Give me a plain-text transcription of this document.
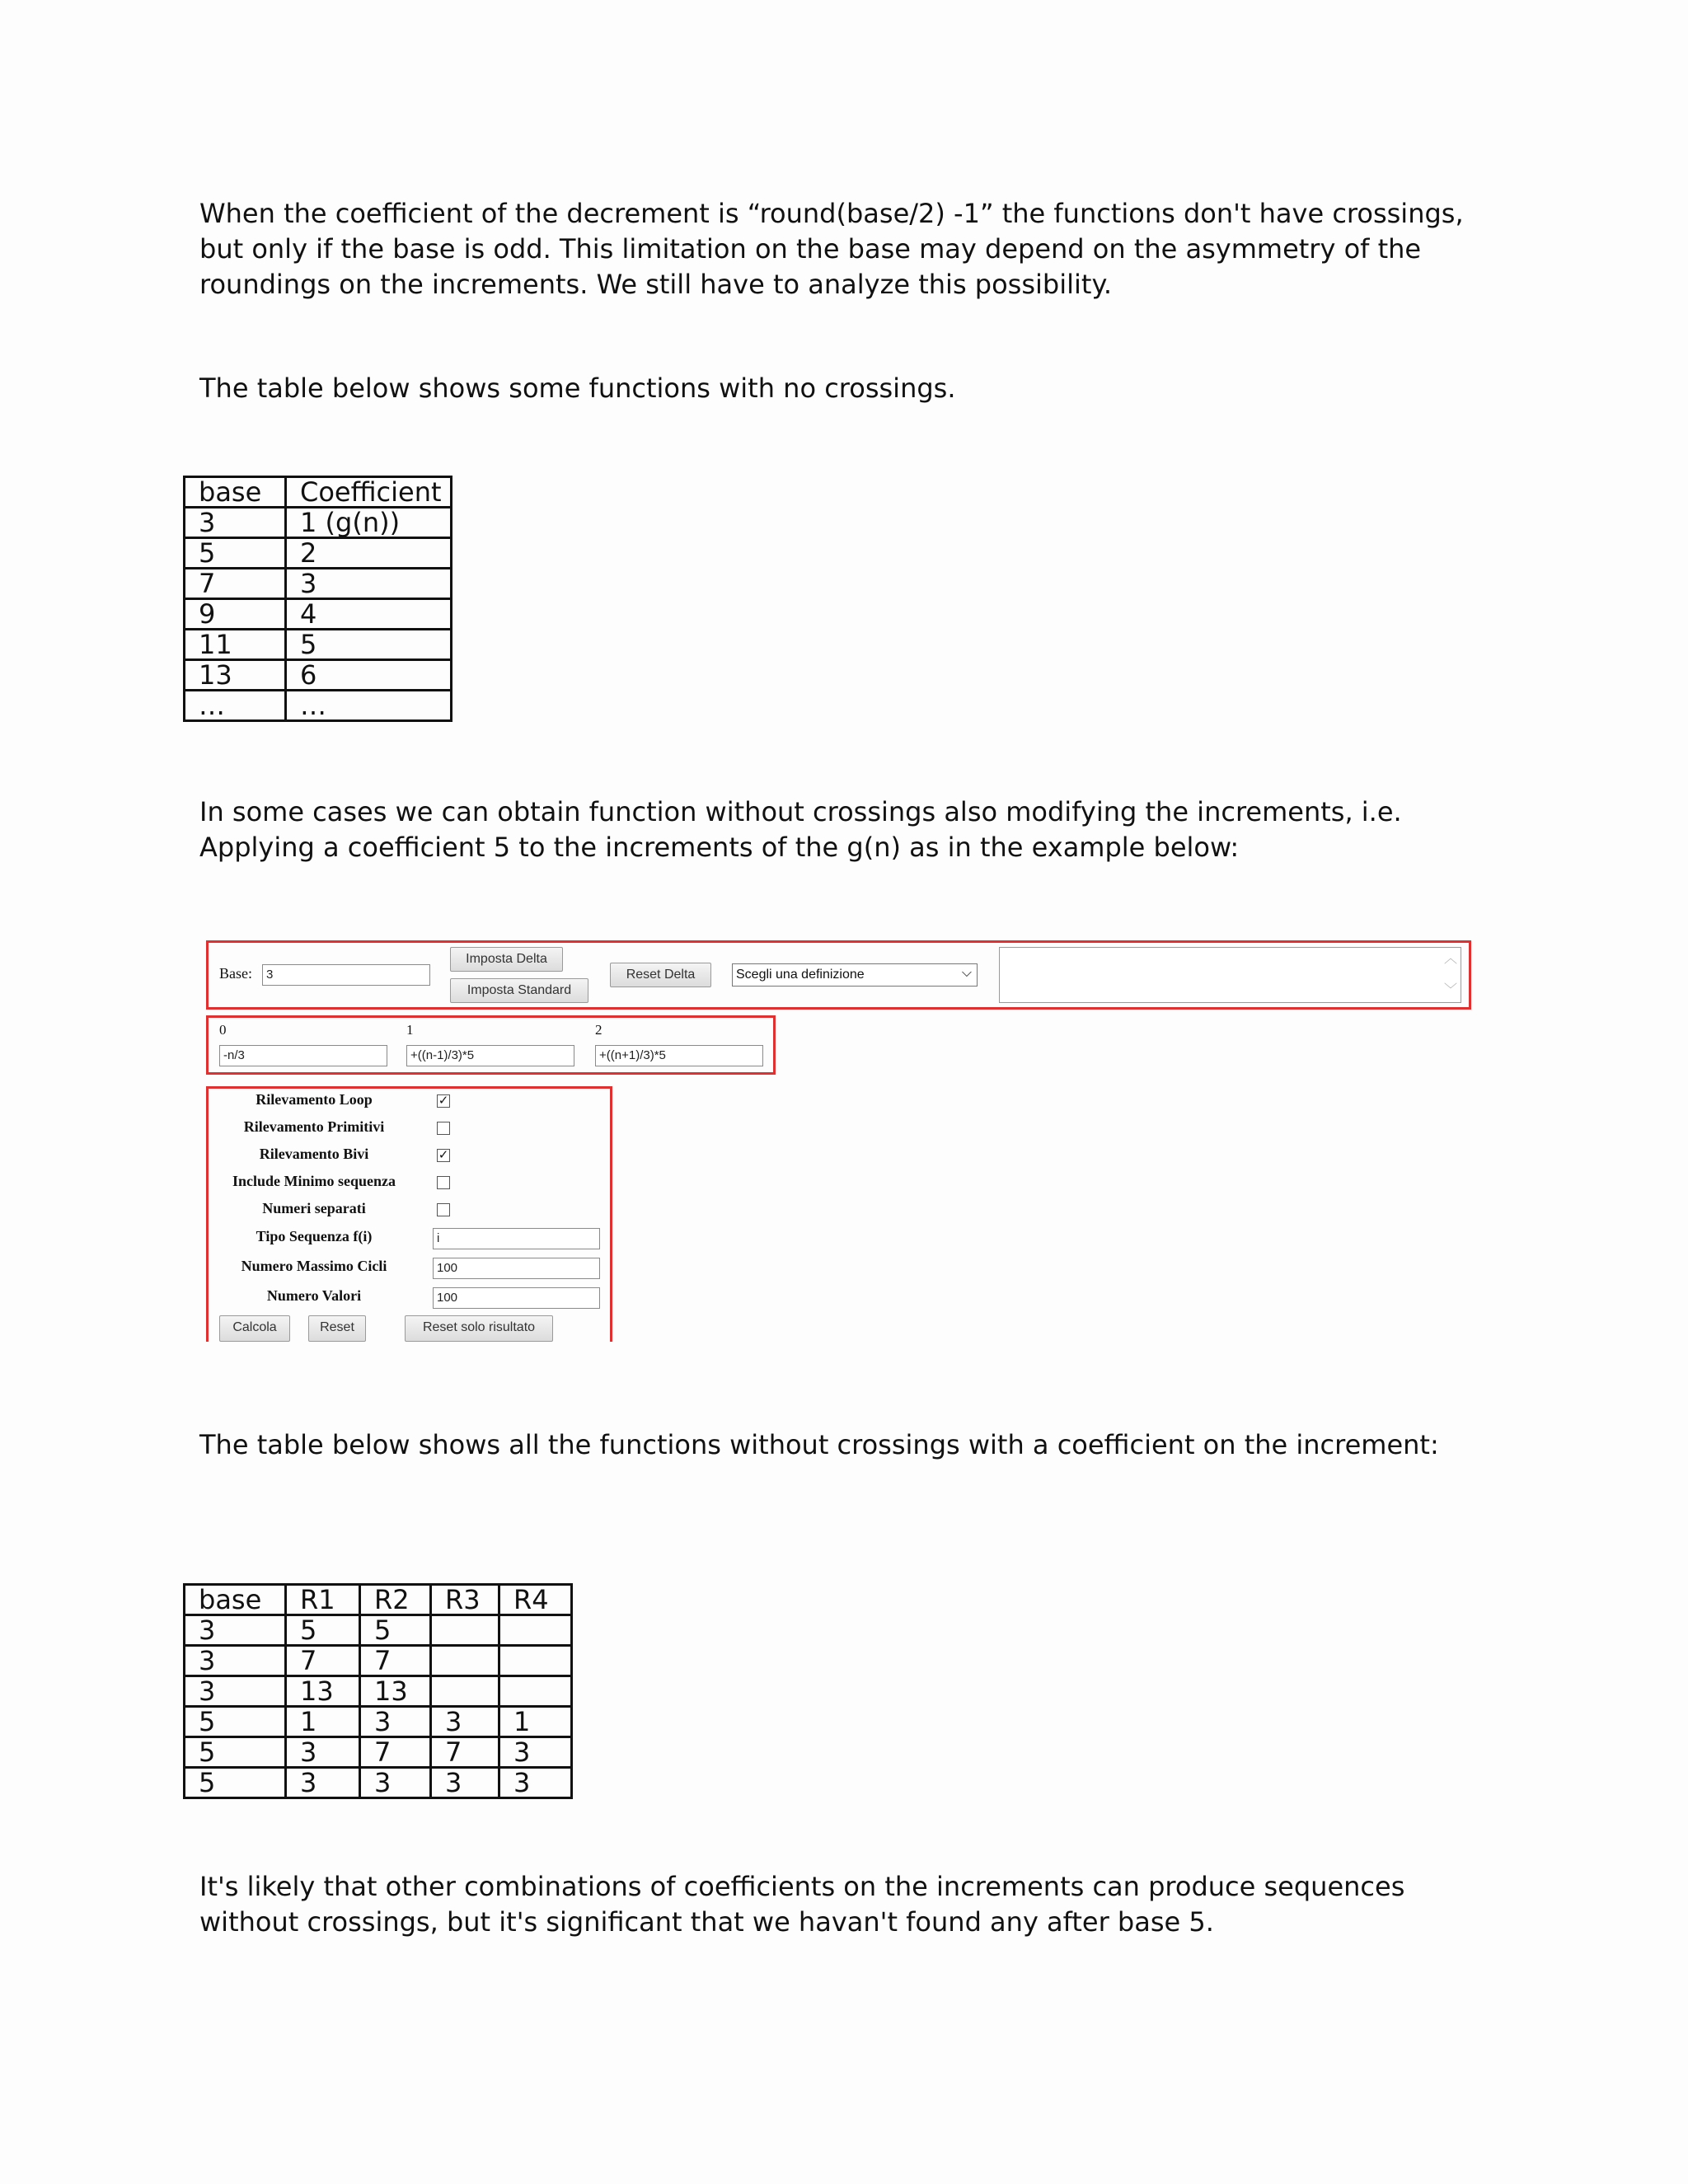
When the coefficient of the decrement is “round(base/2) -1” the functions don't have crossings, but only if the base is odd. This limitation on the base may depend on the asymmetry of the roundings on the increments. We still have to analyze this possibility.

The table below shows some functions with no crossings.

base	Coefficient
3	1 (g(n))
5	2
7	3
9	4
11	5
13	6
…	…

In some cases we can obtain function without crossings also modifying the increments, i.e. Applying a coefficient 5 to the increments of the g(n) as in the example below:

Base:	3
Imposta Delta
Imposta Standard
Reset Delta	Scegli una definizione	⌵
︿
﹀
0
-n/3
1
+((n-1)/3)*5
2
+((n+1)/3)*5
Rilevamento Loop	✓
Rilevamento Primitivi
Rilevamento Bivi	✓
Include Minimo sequenza
Numeri separati
Tipo Sequenza f(i)	i
Numero Massimo Cicli	100
Numero Valori	100
Calcola	Reset	Reset solo risultato

The table below shows all the functions without crossings with a coefficient on the increment:

base	R1	R2	R3	R4
3	5	5		
3	7	7		
3	13	13		
5	1	3	3	1
5	3	7	7	3
5	3	3	3	3

It's likely that other combinations of coefficients on the increments can produce sequences without crossings, but it's significant that we havan't found any after base 5.
